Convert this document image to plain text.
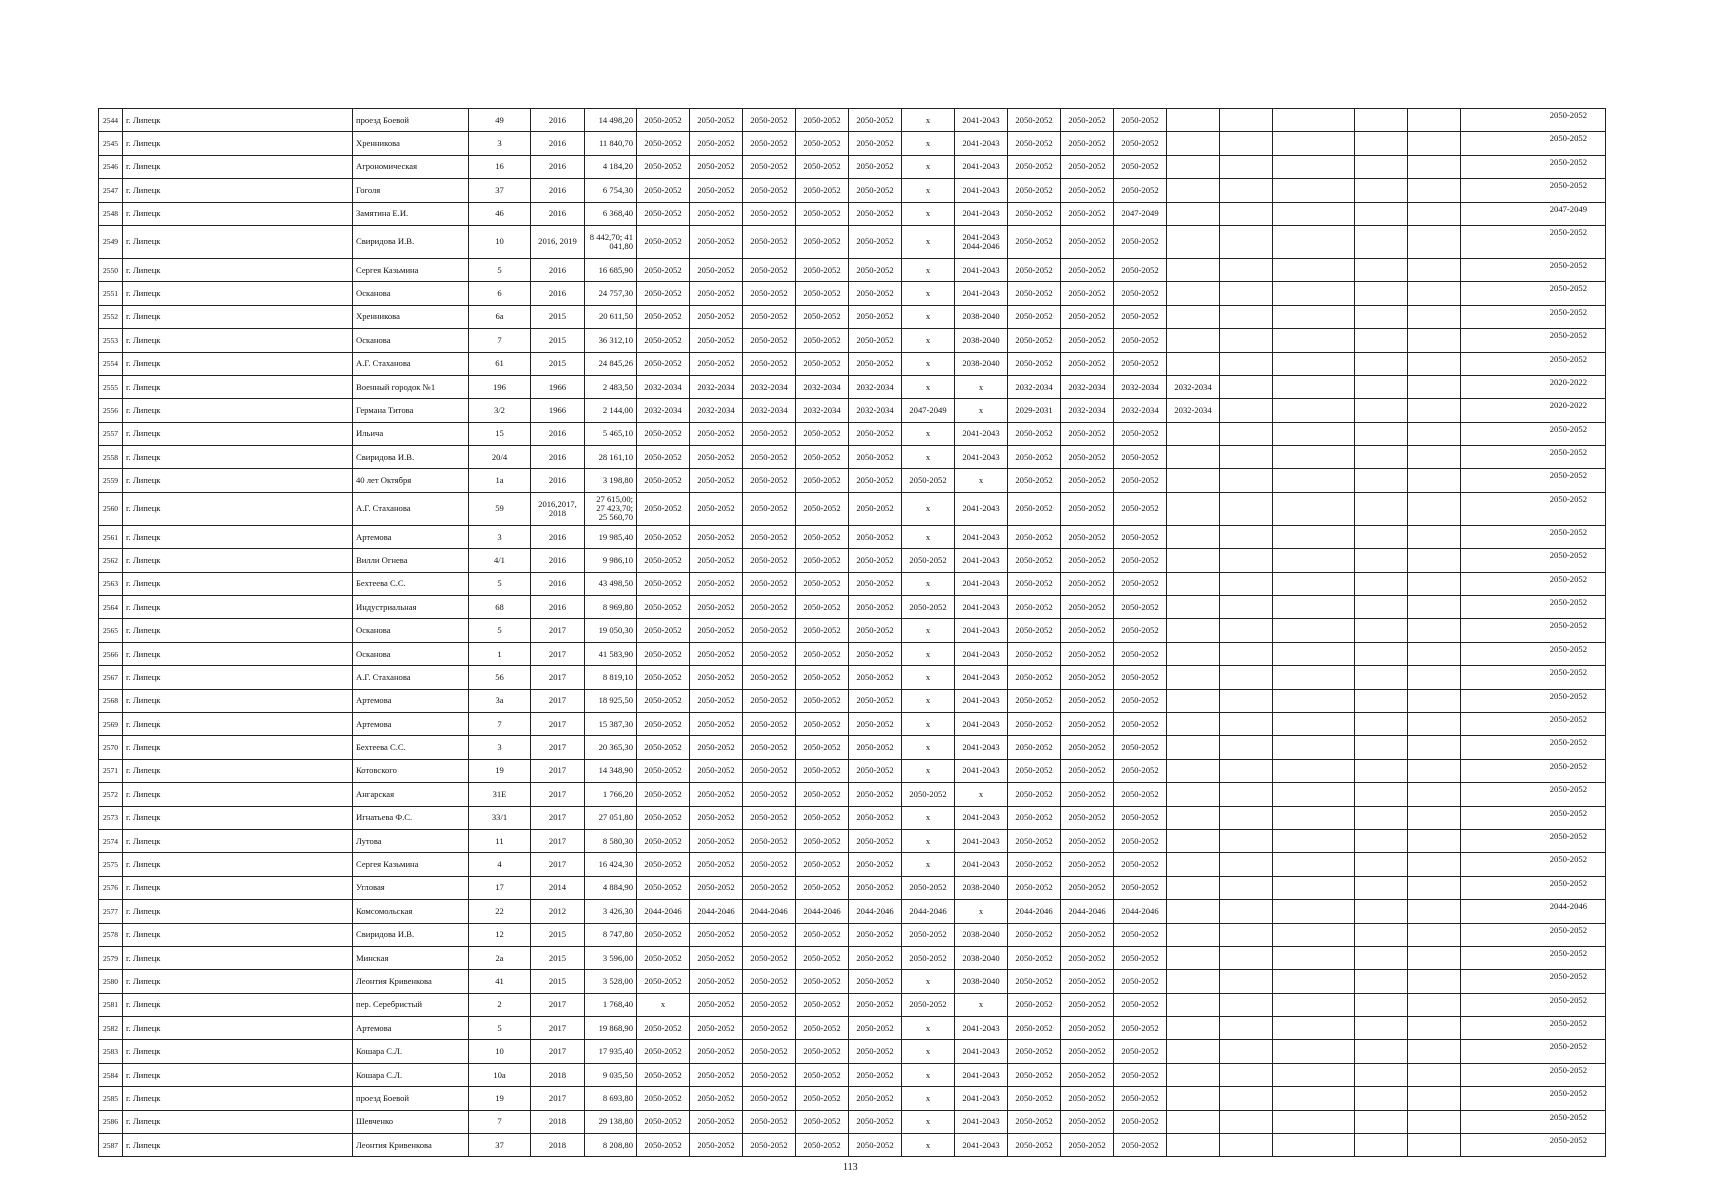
2544	г. Липецк	проезд Боевой	49	2016	14 498,20	2050-2052	2050-2052	2050-2052	2050-2052	2050-2052	х	2041-2043	2050-2052	2050-2052	2050-2052						2050-2052
2545	г. Липецк	Хренникова	3	2016	11 840,70	2050-2052	2050-2052	2050-2052	2050-2052	2050-2052	х	2041-2043	2050-2052	2050-2052	2050-2052						2050-2052
2546	г. Липецк	Агрономическая	16	2016	4 184,20	2050-2052	2050-2052	2050-2052	2050-2052	2050-2052	х	2041-2043	2050-2052	2050-2052	2050-2052						2050-2052
2547	г. Липецк	Гоголя	37	2016	6 754,30	2050-2052	2050-2052	2050-2052	2050-2052	2050-2052	х	2041-2043	2050-2052	2050-2052	2050-2052						2050-2052
2548	г. Липецк	Замятина Е.И.	46	2016	6 368,40	2050-2052	2050-2052	2050-2052	2050-2052	2050-2052	х	2041-2043	2050-2052	2050-2052	2047-2049						2047-2049
2549	г. Липецк	Свиридова И.В.	10	2016, 2019	8 442,70; 41 041,80	2050-2052	2050-2052	2050-2052	2050-2052	2050-2052	х	2041-2043 2044-2046	2050-2052	2050-2052	2050-2052						2050-2052
2550	г. Липецк	Сергея Казьмина	5	2016	16 685,90	2050-2052	2050-2052	2050-2052	2050-2052	2050-2052	х	2041-2043	2050-2052	2050-2052	2050-2052						2050-2052
2551	г. Липецк	Осканова	6	2016	24 757,30	2050-2052	2050-2052	2050-2052	2050-2052	2050-2052	х	2041-2043	2050-2052	2050-2052	2050-2052						2050-2052
2552	г. Липецк	Хренникова	6а	2015	20 611,50	2050-2052	2050-2052	2050-2052	2050-2052	2050-2052	х	2038-2040	2050-2052	2050-2052	2050-2052						2050-2052
2553	г. Липецк	Осканова	7	2015	36 312,10	2050-2052	2050-2052	2050-2052	2050-2052	2050-2052	х	2038-2040	2050-2052	2050-2052	2050-2052						2050-2052
2554	г. Липецк	А.Г. Стаханова	61	2015	24 845,26	2050-2052	2050-2052	2050-2052	2050-2052	2050-2052	х	2038-2040	2050-2052	2050-2052	2050-2052						2050-2052
2555	г. Липецк	Военный городок №1	196	1966	2 483,50	2032-2034	2032-2034	2032-2034	2032-2034	2032-2034	х	х	2032-2034	2032-2034	2032-2034	2032-2034					2020-2022
2556	г. Липецк	Германа Титова	3/2	1966	2 144,00	2032-2034	2032-2034	2032-2034	2032-2034	2032-2034	2047-2049	х	2029-2031	2032-2034	2032-2034	2032-2034					2020-2022
2557	г. Липецк	Ильича	15	2016	5 465,10	2050-2052	2050-2052	2050-2052	2050-2052	2050-2052	х	2041-2043	2050-2052	2050-2052	2050-2052						2050-2052
2558	г. Липецк	Свиридова И.В.	20/4	2016	28 161,10	2050-2052	2050-2052	2050-2052	2050-2052	2050-2052	х	2041-2043	2050-2052	2050-2052	2050-2052						2050-2052
2559	г. Липецк	40 лет Октября	1а	2016	3 198,80	2050-2052	2050-2052	2050-2052	2050-2052	2050-2052	2050-2052	х	2050-2052	2050-2052	2050-2052						2050-2052
2560	г. Липецк	А.Г. Стаханова	59	2016,2017, 2018	27 615,00; 27 423,70; 25 560,70	2050-2052	2050-2052	2050-2052	2050-2052	2050-2052	х	2041-2043	2050-2052	2050-2052	2050-2052						2050-2052
2561	г. Липецк	Артемова	3	2016	19 985,40	2050-2052	2050-2052	2050-2052	2050-2052	2050-2052	х	2041-2043	2050-2052	2050-2052	2050-2052						2050-2052
2562	г. Липецк	Вилли Огнева	4/1	2016	9 986,10	2050-2052	2050-2052	2050-2052	2050-2052	2050-2052	2050-2052	2041-2043	2050-2052	2050-2052	2050-2052						2050-2052
2563	г. Липецк	Бехтеева С.С.	5	2016	43 498,50	2050-2052	2050-2052	2050-2052	2050-2052	2050-2052	х	2041-2043	2050-2052	2050-2052	2050-2052						2050-2052
2564	г. Липецк	Индустриальная	68	2016	8 969,80	2050-2052	2050-2052	2050-2052	2050-2052	2050-2052	2050-2052	2041-2043	2050-2052	2050-2052	2050-2052						2050-2052
2565	г. Липецк	Осканова	5	2017	19 050,30	2050-2052	2050-2052	2050-2052	2050-2052	2050-2052	х	2041-2043	2050-2052	2050-2052	2050-2052						2050-2052
2566	г. Липецк	Осканова	1	2017	41 583,90	2050-2052	2050-2052	2050-2052	2050-2052	2050-2052	х	2041-2043	2050-2052	2050-2052	2050-2052						2050-2052
2567	г. Липецк	А.Г. Стаханова	56	2017	8 819,10	2050-2052	2050-2052	2050-2052	2050-2052	2050-2052	х	2041-2043	2050-2052	2050-2052	2050-2052						2050-2052
2568	г. Липецк	Артемова	3а	2017	18 925,50	2050-2052	2050-2052	2050-2052	2050-2052	2050-2052	х	2041-2043	2050-2052	2050-2052	2050-2052						2050-2052
2569	г. Липецк	Артемова	7	2017	15 387,30	2050-2052	2050-2052	2050-2052	2050-2052	2050-2052	х	2041-2043	2050-2052	2050-2052	2050-2052						2050-2052
2570	г. Липецк	Бехтеева С.С.	3	2017	20 365,30	2050-2052	2050-2052	2050-2052	2050-2052	2050-2052	х	2041-2043	2050-2052	2050-2052	2050-2052						2050-2052
2571	г. Липецк	Котовского	19	2017	14 348,90	2050-2052	2050-2052	2050-2052	2050-2052	2050-2052	х	2041-2043	2050-2052	2050-2052	2050-2052						2050-2052
2572	г. Липецк	Ангарская	31Е	2017	1 766,20	2050-2052	2050-2052	2050-2052	2050-2052	2050-2052	2050-2052	х	2050-2052	2050-2052	2050-2052						2050-2052
2573	г. Липецк	Игнатьева Ф.С.	33/1	2017	27 051,80	2050-2052	2050-2052	2050-2052	2050-2052	2050-2052	х	2041-2043	2050-2052	2050-2052	2050-2052						2050-2052
2574	г. Липецк	Лутова	11	2017	8 580,30	2050-2052	2050-2052	2050-2052	2050-2052	2050-2052	х	2041-2043	2050-2052	2050-2052	2050-2052						2050-2052
2575	г. Липецк	Сергея Казьмина	4	2017	16 424,30	2050-2052	2050-2052	2050-2052	2050-2052	2050-2052	х	2041-2043	2050-2052	2050-2052	2050-2052						2050-2052
2576	г. Липецк	Угловая	17	2014	4 884,90	2050-2052	2050-2052	2050-2052	2050-2052	2050-2052	2050-2052	2038-2040	2050-2052	2050-2052	2050-2052						2050-2052
2577	г. Липецк	Комсомольская	22	2012	3 426,30	2044-2046	2044-2046	2044-2046	2044-2046	2044-2046	2044-2046	х	2044-2046	2044-2046	2044-2046						2044-2046
2578	г. Липецк	Свиридова И.В.	12	2015	8 747,80	2050-2052	2050-2052	2050-2052	2050-2052	2050-2052	2050-2052	2038-2040	2050-2052	2050-2052	2050-2052						2050-2052
2579	г. Липецк	Минская	2а	2015	3 596,00	2050-2052	2050-2052	2050-2052	2050-2052	2050-2052	2050-2052	2038-2040	2050-2052	2050-2052	2050-2052						2050-2052
2580	г. Липецк	Леонтия Кривенкова	41	2015	3 528,00	2050-2052	2050-2052	2050-2052	2050-2052	2050-2052	х	2038-2040	2050-2052	2050-2052	2050-2052						2050-2052
2581	г. Липецк	пер. Серебристый	2	2017	1 768,40	х	2050-2052	2050-2052	2050-2052	2050-2052	2050-2052	х	2050-2052	2050-2052	2050-2052						2050-2052
2582	г. Липецк	Артемова	5	2017	19 868,90	2050-2052	2050-2052	2050-2052	2050-2052	2050-2052	х	2041-2043	2050-2052	2050-2052	2050-2052						2050-2052
2583	г. Липецк	Кошара С.Л.	10	2017	17 935,40	2050-2052	2050-2052	2050-2052	2050-2052	2050-2052	х	2041-2043	2050-2052	2050-2052	2050-2052						2050-2052
2584	г. Липецк	Кошара С.Л.	10а	2018	9 035,50	2050-2052	2050-2052	2050-2052	2050-2052	2050-2052	х	2041-2043	2050-2052	2050-2052	2050-2052						2050-2052
2585	г. Липецк	проезд Боевой	19	2017	8 693,80	2050-2052	2050-2052	2050-2052	2050-2052	2050-2052	х	2041-2043	2050-2052	2050-2052	2050-2052						2050-2052
2586	г. Липецк	Шевченко	7	2018	29 138,80	2050-2052	2050-2052	2050-2052	2050-2052	2050-2052	х	2041-2043	2050-2052	2050-2052	2050-2052						2050-2052
2587	г. Липецк	Леонтия Кривенкова	37	2018	8 208,80	2050-2052	2050-2052	2050-2052	2050-2052	2050-2052	х	2041-2043	2050-2052	2050-2052	2050-2052						2050-2052
113
